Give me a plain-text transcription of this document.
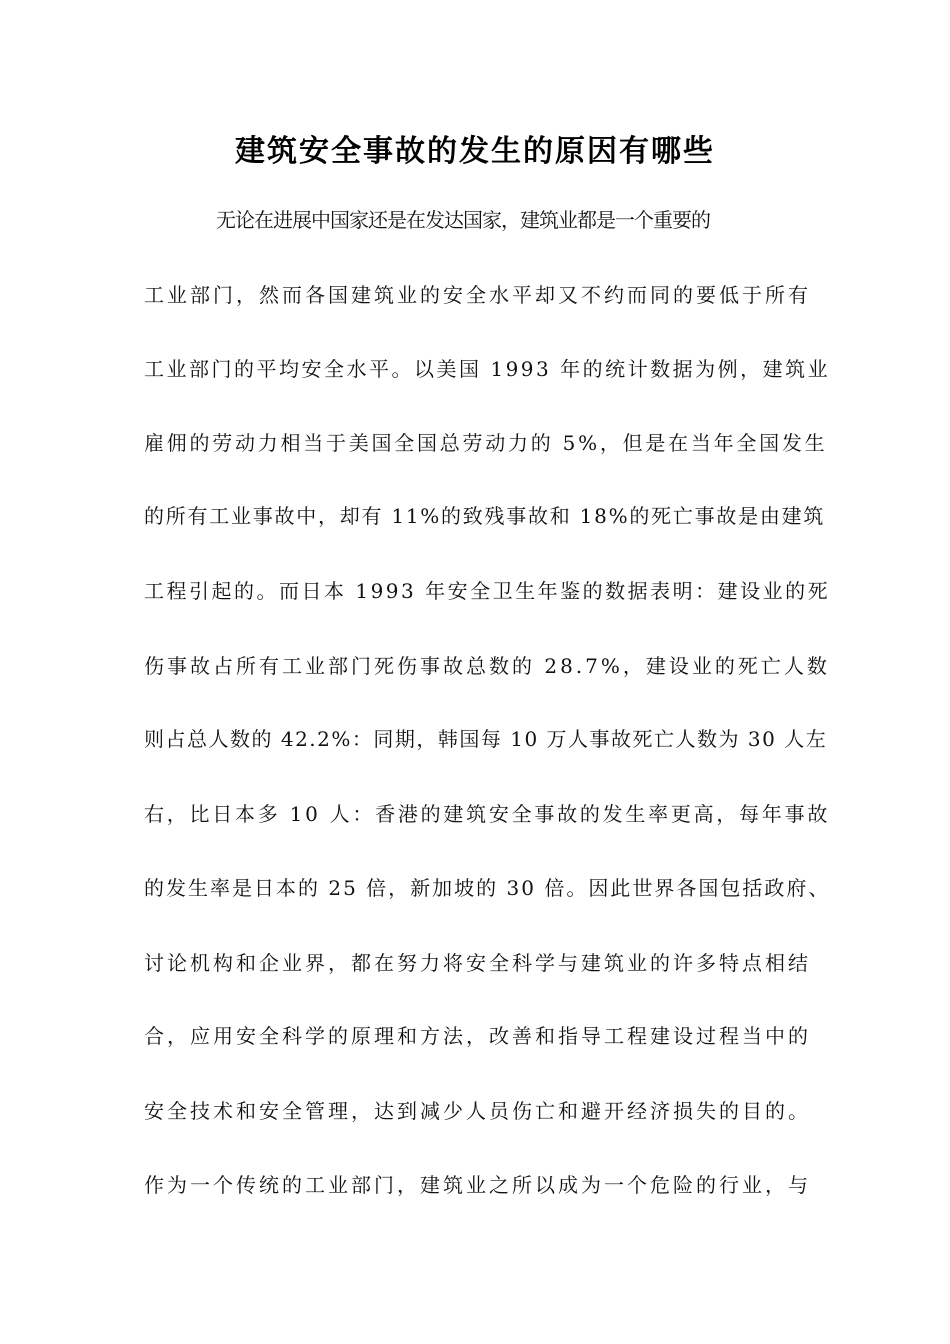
建筑安全事故的发生的原因有哪些
无论在进展中国家还是在发达国家，建筑业都是一个重要的
工业部门，然而各国建筑业的安全水平却又不约而同的要低于所有
工业部门的平均安全水平。以美国 1993 年的统计数据为例，建筑业
雇佣的劳动力相当于美国全国总劳动力的 5%，但是在当年全国发生
的所有工业事故中，却有 11%的致残事故和 18%的死亡事故是由建筑
工程引起的。而日本 1993 年安全卫生年鉴的数据表明：建设业的死
伤事故占所有工业部门死伤事故总数的 28.7%，建设业的死亡人数
则占总人数的 42.2%：同期，韩国每 10 万人事故死亡人数为 30 人左
右，比日本多 10 人：香港的建筑安全事故的发生率更高，每年事故
的发生率是日本的 25 倍，新加坡的 30 倍。因此世界各国包括政府、
讨论机构和企业界，都在努力将安全科学与建筑业的许多特点相结
合，应用安全科学的原理和方法，改善和指导工程建设过程当中的
安全技术和安全管理，达到减少人员伤亡和避开经济损失的目的。
作为一个传统的工业部门，建筑业之所以成为一个危险的行业，与
